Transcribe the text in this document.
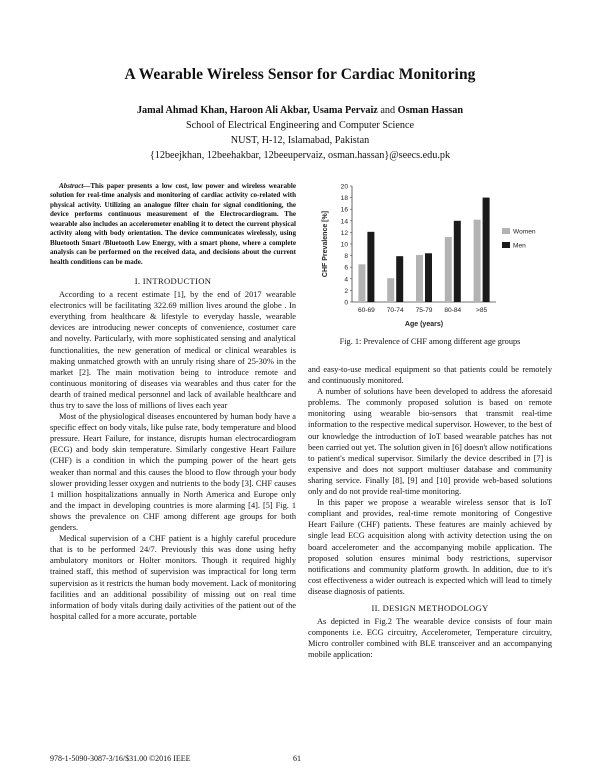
A Wearable Wireless Sensor for Cardiac Monitoring
Jamal Ahmad Khan, Haroon Ali Akbar, Usama Pervaiz and Osman Hassan
School of Electrical Engineering and Computer Science
NUST, H-12, Islamabad, Pakistan
{12beejkhan, 12beehakbar, 12beeupervaiz, osman.hassan}@seecs.edu.pk
Abstract—This paper presents a low cost, low power and wireless wearable solution for real-time analysis and monitoring of cardiac activity co-related with physical activity. Utilizing an analogue filter chain for signal conditioning, the device performs continuous measurement of the Electrocardiogram. The wearable also includes an accelerometer enabling it to detect the current physical activity along with body orientation. The device communicates wirelessly, using Bluetooth Smart /Bluetooth Low Energy, with a smart phone, where a complete analysis can be performed on the received data, and decisions about the current health conditions can be made.
I. INTRODUCTION

According to a recent estimate [1], by the end of 2017 wearable electronics will be facilitating 322.69 million lives around the globe . In everything from healthcare & lifestyle to everyday hassle, wearable devices are introducing newer concepts of convenience, costumer care and novelty. Particularly, with more sophisticated sensing and analytical functionalities, the new generation of medical or clinical wearables is making unmatched growth with an unruly rising share of 25-30% in the market [2]. The main motivation being to introduce remote and continuous monitoring of diseases via wearables and thus cater for the dearth of trained medical personnel and lack of available healthcare and thus try to save the loss of millions of lives each year

Most of the physiological diseases encountered by human body have a specific effect on body vitals, like pulse rate, body temperature and blood pressure. Heart Failure, for instance, disrupts human electrocardiogram (ECG) and body skin temperature. Similarly congestive Heart Failure (CHF) is a condition in which the pumping power of the heart gets weaker than normal and this causes the blood to flow through your body slower providing lesser oxygen and nutrients to the body [3]. CHF causes 1 million hospitalizations annually in North America and Europe only and the impact in developing countries is more alarming [4]. [5] Fig. 1 shows the prevalence on CHF among different age groups for both genders.

Medical supervision of a CHF patient is a highly careful procedure that is to be performed 24/7. Previously this was done using hefty ambulatory monitors or Holter monitors. Though it required highly trained staff, this method of supervision was impractical for long term supervision as it restricts the human body movement. Lack of monitoring facilities and an additional possibility of missing out on real time information of body vitals during daily activities of the patient out of the hospital called for a more accurate, portable

0
2
4
6
8
10
12
14
16
18
20
60-69 70-74 75-79 80-84 >85
Age (years)
CHF Prevalence [%]	Women
Men
Fig. 1: Prevalence of CHF among different age groups

and easy-to-use medical equipment so that patients could be remotely and continuously monitored.

A number of solutions have been developed to address the aforesaid problems. The commonly proposed solution is based on remote monitoring using wearable bio-sensors that transmit real-time information to the respective medical supervisor. However, to the best of our knowledge the introduction of IoT based wearable patches has not been carried out yet. The solution given in [6] doesn't allow notifications to patient's medical supervisor. Similarly the device described in [7] is expensive and does not support multiuser database and community sharing service. Finally [8], [9] and [10] provide web-based solutions only and do not provide real-time monitoring.

In this paper we propose a wearable wireless sensor that is IoT compliant and provides, real-time remote monitoring of Congestive Heart Failure (CHF) patients. These features are mainly achieved by single lead ECG acquisition along with activity detection using the on board accelerometer and the accompanying mobile application. The proposed solution ensures minimal body restrictions, supervisor notifications and community platform growth. In addition, due to it's cost effectiveness a wider outreach is expected which will lead to timely disease diagnosis of patients.

II. DESIGN METHODOLOGY

As depicted in Fig.2 The wearable device consists of four main components i.e. ECG circuitry, Accelerometer, Temperature circuitry, Micro controller combined with BLE transceiver and an accompanying mobile application:

978-1-5090-3087-3/16/$31.00 ©2016 IEEE	61
